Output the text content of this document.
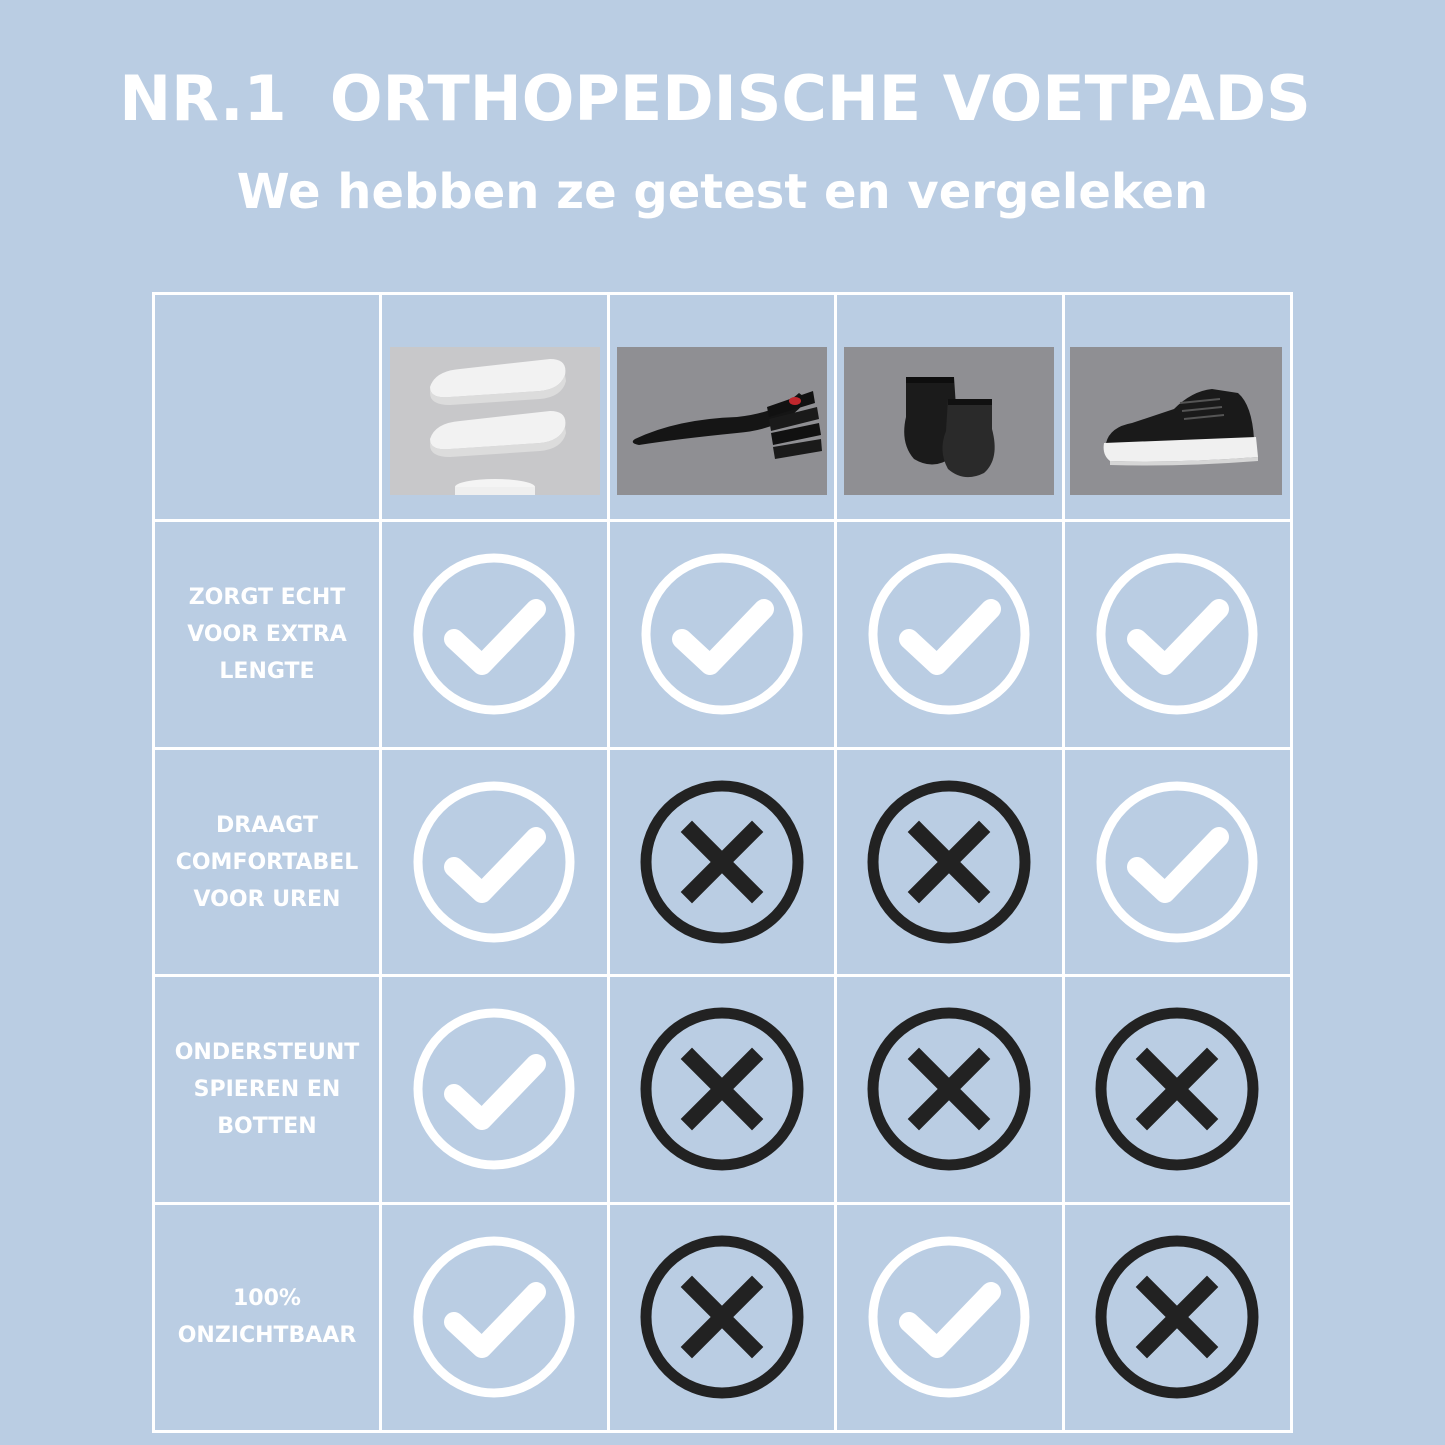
NR.1  ORTHOPEDISCHE VOETPADS
We hebben ze getest en vergeleken
ZORGT ECHT
VOOR EXTRA
LENGTE
DRAAGT
COMFORTABEL
VOOR UREN
ONDERSTEUNT
SPIEREN EN
BOTTEN
100%
ONZICHTBAAR
